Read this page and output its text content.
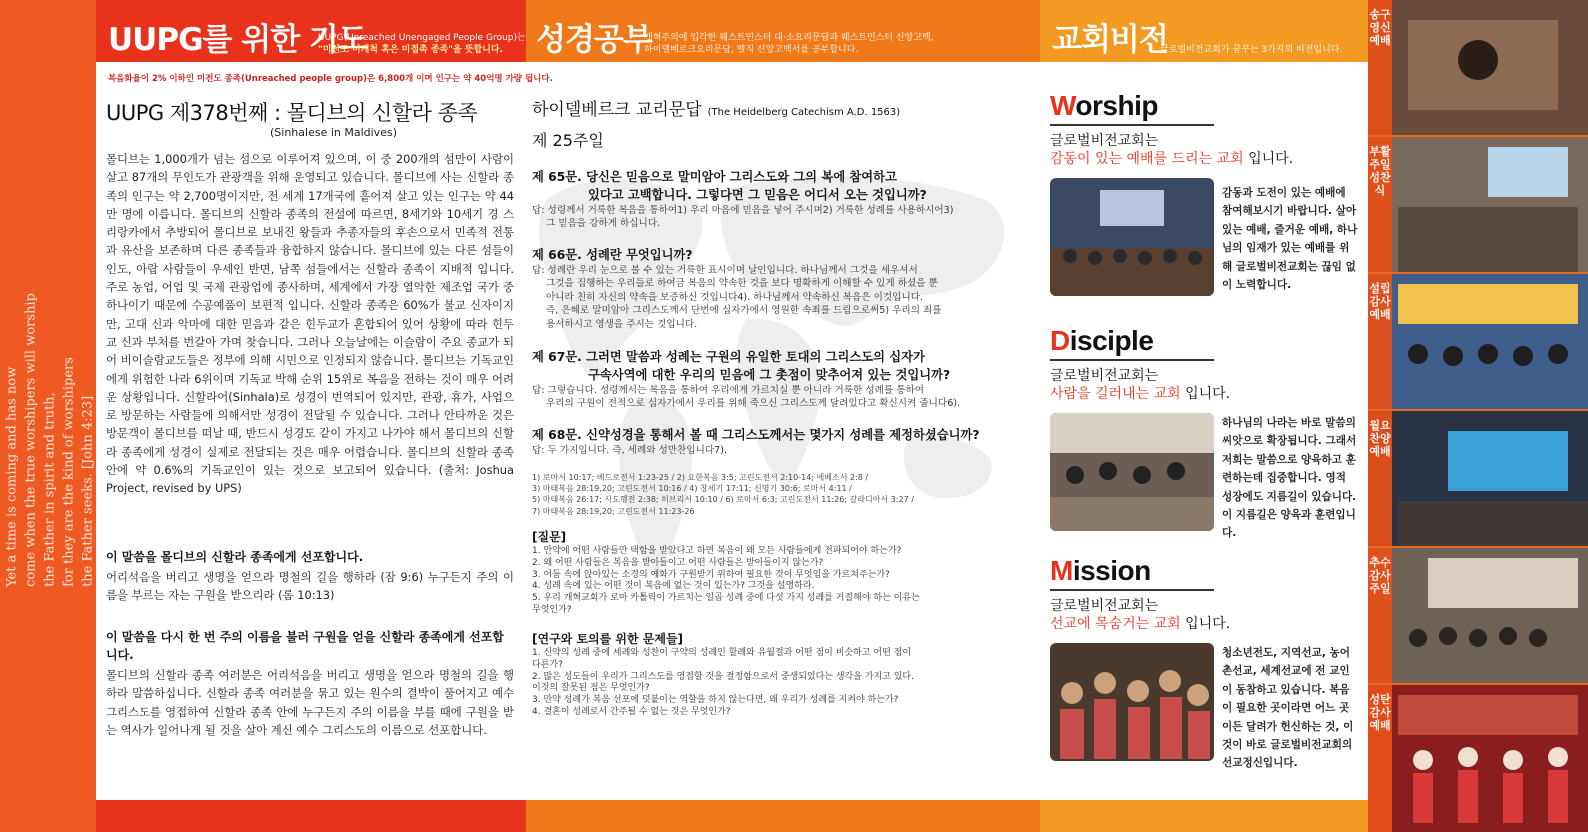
Yet a time is coming and has now come when the true worshipers will worship the Father in spirit and truth, for they are the kind of worshipers the Father seeks. [John 4:23]
UUPG를 위한 기도
UUPG(Unreached Unengaged People Group)는
"미전도 미개척 혹은 미접촉 종족"을 뜻합니다.	성경공부
개혁주의에 입각한 웨스트민스터 대·소요리문답과 웨스트민스터 신앙고백,
하이델베르크요리문답, 벨직 신앙고백서를 공부합니다.	교회비전
글로벌비전교회가 꿈꾸는 3가지의 비전입니다.
복음화율이 2% 이하인 미전도 종족(Unreached people group)은 6,800개 이며 인구는 약 40억명 가량 됩니다.
UUPG 제378번째 : 몰디브의 신할라 종족
(Sinhalese in Maldives)
몰디브는 1,000개가 넘는 섬으로 이루어져 있으며, 이 중 200개의 섬만이 사람이 살고 87개의 무인도가 관광객을 위해 운영되고 있습니다. 몰디브에 사는 신할라 종족의 인구는 약 2,700명이지만, 전 세계 17개국에 흩어져 살고 있는 인구는 약 44만 명에 이릅니다. 몰디브의 신할라 종족의 전설에 따르면, 8세기와 10세기 경 스리랑카에서 추방되어 몰디브로 보내진 왕들과 추종자들의 후손으로서 민족적 전통과 유산을 보존하며 다른 종족들과 융합하지 않습니다. 몰디브에 있는 다른 섬들이 인도, 아랍 사람들이 우세인 반면, 남쪽 섬들에서는 신할라 종족이 지배적 입니다. 주로 농업, 어업 및 국제 관광업에 종사하며, 세계에서 가장 열악한 제조업 국가 중 하나이기 때문에 수공예품이 보편적 입니다. 신할라 종족은 60%가 불교 신자이지만, 고대 신과 악마에 대한 믿음과 같은 힌두교가 혼합되어 있어 상황에 따라 힌두교 신과 부처를 번갈아 가며 찾습니다. 그러나 오늘날에는 이슬람이 주요 종교가 되어 비이슬람교도들은 정부에 의해 시민으로 인정되지 않습니다. 몰디브는 기독교인에게 위험한 나라 6위이며 기독교 박해 순위 15위로 복음을 전하는 것이 매우 어려운 상황입니다. 신할라어(Sinhala)로 성경이 번역되어 있지만, 관광, 휴가, 사업으로 방문하는 사람들에 의해서만 성경이 전달될 수 있습니다. 그러나 안타까운 것은 방문객이 몰디브를 떠날 때, 반드시 성경도 같이 가지고 나가야 해서 몰디브의 신할라 종족에게 성경이 실제로 전달되는 것은 매우 어렵습니다. 몰디브의 신할라 종족 안에 약 0.6%의 기독교인이 있는 것으로 보고되어 있습니다. (출처: Joshua Project, revised by UPS)
이 말씀을 몰디브의 신할라 종족에게 선포합니다.
어리석음을 버리고 생명을 얻으라 명철의 길을 행하라 (잠 9:6) 누구든지 주의 이름을 부르는 자는 구원을 받으리라 (롬 10:13)
이 말씀을 다시 한 번 주의 이름을 불러 구원을 얻을 신할라 종족에게 선포합니다.
몰디브의 신할라 종족 여러분은 어리석음을 버리고 생명을 얻으라 명철의 길을 행하라 말씀하십니다. 신할라 종족 여러분을 묶고 있는 원수의 결박이 풀어지고 예수 그리스도를 영접하여 신할라 종족 안에 누구든지 주의 이름을 부를 때에 구원을 받는 역사가 일어나게 될 것을 살아 계신 예수 그리스도의 이름으로 선포합니다.
하이델베르크 교리문답 (The Heidelberg Catechism A.D. 1563)
제 25주일
제 65문. 당신은 믿음으로 말미암아 그리스도와 그의 복에 참여하고
있다고 고백합니다. 그렇다면 그 믿음은 어디서 오는 것입니까?
답: 성령께서 거룩한 복음을 통하여1) 우리 마음에 믿음을 넣어 주시며2) 거룩한 성례를 사용하시어3)
그 믿음을 강하게 하십니다.
제 66문. 성례란 무엇입니까?
답: 성례란 우리 눈으로 볼 수 있는 거룩한 표시이며 날인입니다. 하나님께서 그것을 세우셔서
그것을 집행하는 우리들로 하여금 복음의 약속한 것을 보다 명확하게 이해할 수 있게 하셨을 뿐
아니라 친히 자신의 약속을 보증하신 것입니다4). 하나님께서 약속하신 복음은 이것입니다.
즉, 은혜로 말미암아 그리스도께서 단번에 십자가에서 영원한 속죄를 드림으로써5) 우리의 죄를
용서하시고 영생을 주시는 것입니다.
제 67문. 그러면 말씀과 성례는 구원의 유일한 토대의 그리스도의 십자가
구속사역에 대한 우리의 믿음에 그 촛점이 맞추어져 있는 것입니까?
답: 그렇습니다. 성령께서는 복음을 통하여 우리에게 가르치실 뿐 아니라 거룩한 성례를 통하여
우리의 구원이 전적으로 십자가에서 우리를 위해 죽으신 그리스도께 달려있다고 확신시켜 줍니다6).
제 68문. 신약성경을 통해서 볼 때 그리스도께서는 몇가지 성례를 제정하셨습니까?
답: 두 가지입니다. 즉, 세례와 성만찬입니다7).
1) 로마서 10:17; 베드로전서 1:23-25 / 2) 요한복음 3:5; 고린도전서 2:10-14; 에베소서 2:8 /
3) 마태복음 28:19,20; 고린도전서 10:16 / 4) 창세기 17:11; 신명기 30:6; 로마서 4:11 /
5) 마태복음 26:17; 사도행전 2:38; 히브리서 10:10 / 6) 로마서 6:3; 고린도전서 11:26; 갈라디아서 3:27 /
7) 마태복음 28:19,20; 고린도전서 11:23-26
[질문]
1. 만약에 어떤 사람들만 택함을 받았다고 하면 복음이 왜 모든 사람들에게 전파되어야 하는가?
2. 왜 어떤 사람들은 복음을 받아들이고 어떤 사람들은 받아들이지 않는가?
3. 어둠 속에 앉아있는 소경의 예화가 구원받기 위하여 필요한 것이 무엇임을 가르쳐주는가?
4. 성례 속에 있는 어떤 것이 복음에 없는 것이 있는가? 그것을 설명하라.
5. 우리 개혁교회가 로마 카톨릭이 가르치는 일곱 성례 중에 다섯 가지 성례를 거절해야 하는 이유는
무엇인가?
[연구와 토의를 위한 문제들]
1. 신약의 성례 중에 세례와 성찬이 구약의 성례인 할례와 유월절과 어떤 점이 비슷하고 어떤 점이
다른가?
2. 많은 성도들이 우리가 그리스도를 영접할 것을 결정함으로서 중생되었다는 생각을 가지고 있다.
이것의 잘못된 점은 무엇인가?
3. 만약 성례가 복음 선포에 덧붙이는 역할을 하지 않는다면, 왜 우리가 성례를 지켜야 하는가?
4. 결혼이 성례로서 간주될 수 없는 것은 무엇인가?
Worship
글로벌비전교회는
감동이 있는 예배를 드리는 교회 입니다.
감동과 도전이 있는 예배에 참여해보시기 바랍니다. 살아있는 예배, 즐거운 예배, 하나님의 임재가 있는 예배를 위해 글로벌비전교회는 끊임 없이 노력합니다.
Disciple
글로벌비전교회는
사람을 길러내는 교회 입니다.
하나님의 나라는 바로 말씀의 씨앗으로 확장됩니다. 그래서 저희는 말씀으로 양육하고 훈련하는데 집중합니다. 영적 성장에도 지름길이 있습니다. 이 지름길은 양육과 훈련입니다.
Mission
글로벌비전교회는
선교에 목숨거는 교회 입니다.
청소년전도, 지역선교, 농어촌선교, 세계선교에 전 교인이 동참하고 있습니다. 복음이 필요한 곳이라면 어느 곳이든 달려가 헌신하는 것, 이것이 바로 글로벌비전교회의 선교정신입니다.
송구영신예배
부활주일성찬식
설립감사예배
월요찬양예배
추수감사주일
성탄감사예배
